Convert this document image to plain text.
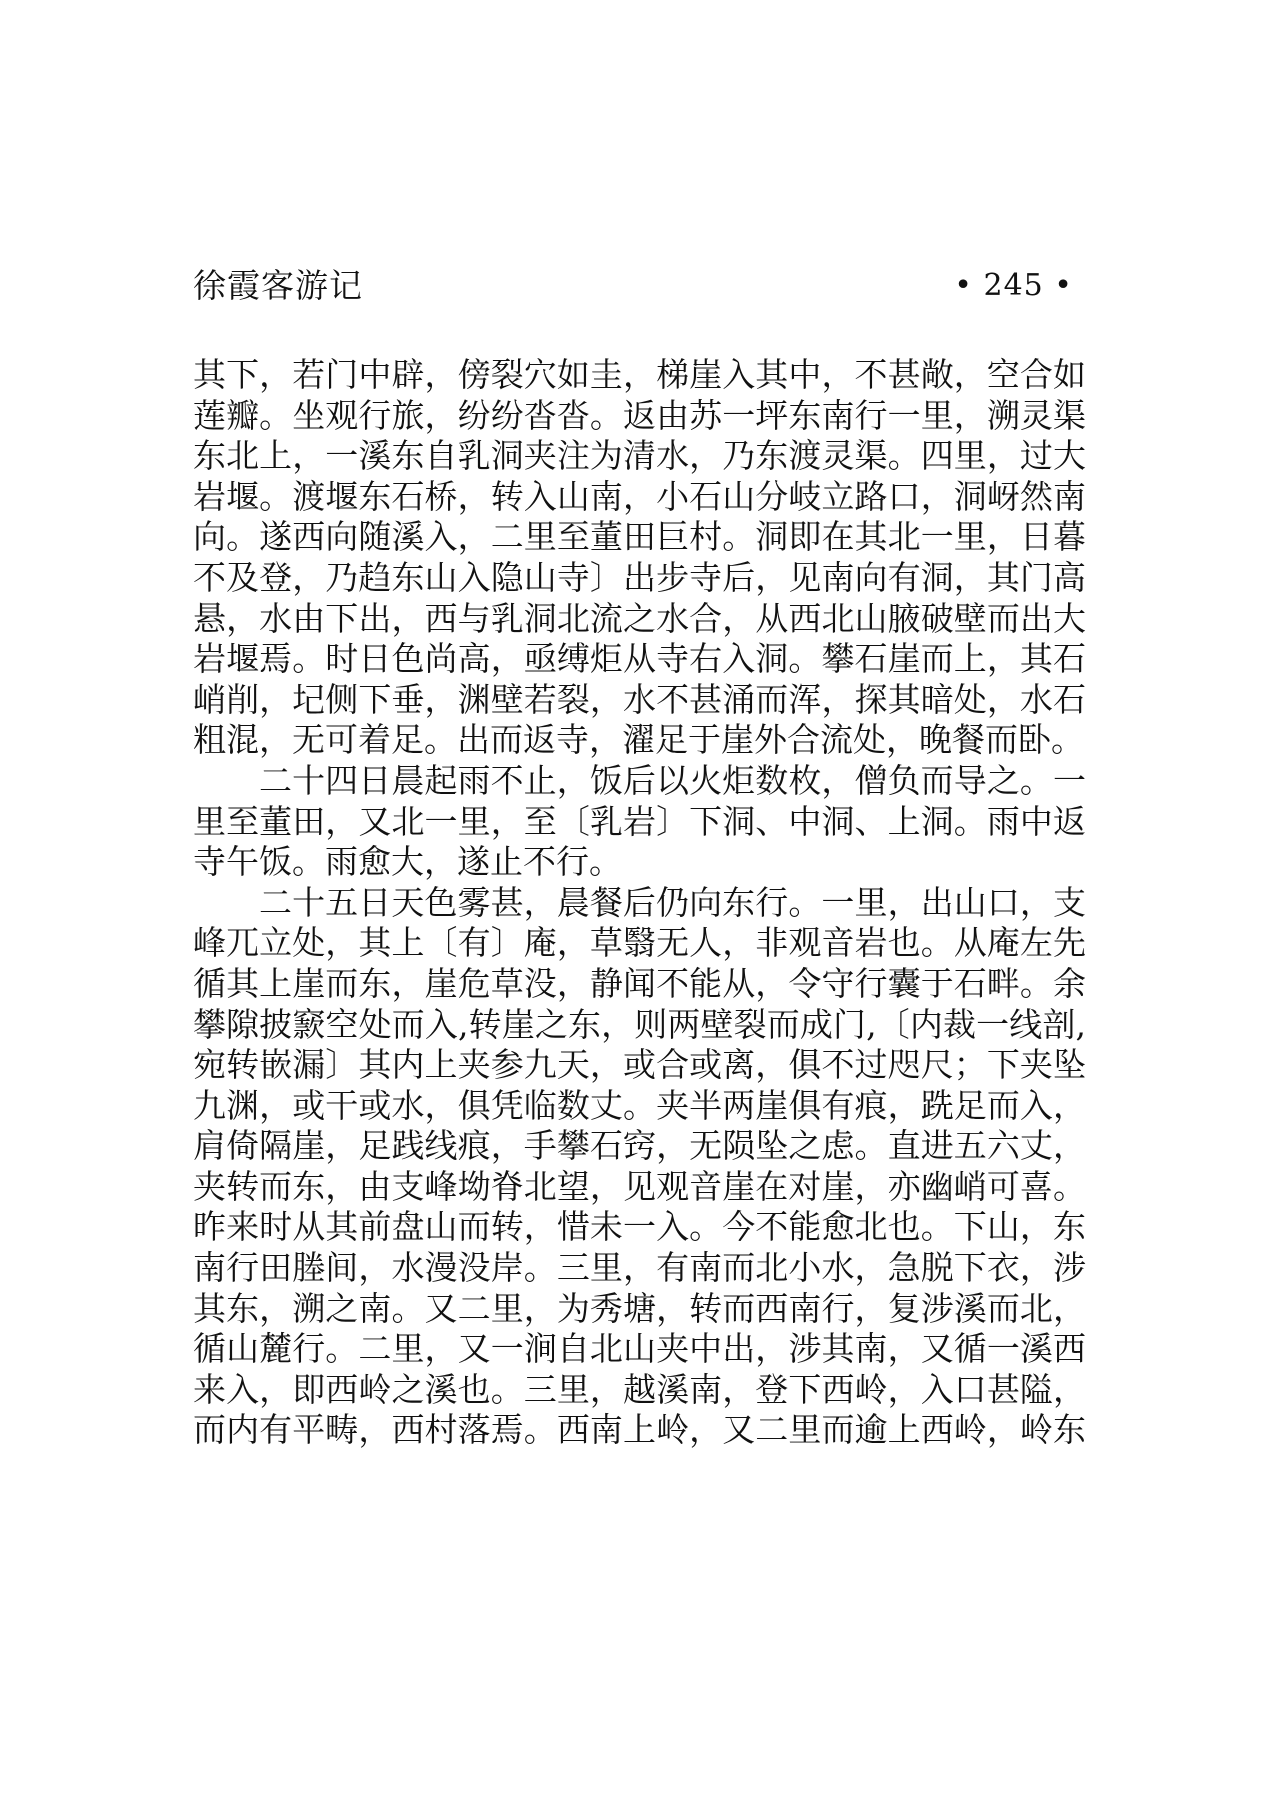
徐霞客游记	• 245 •
其下，若门中辟，傍裂穴如圭，梯崖入其中，不甚敞，空合如
莲瓣。坐观行旅，纷纷沓沓。返由苏一坪东南行一里，溯灵渠
东北上，一溪东自乳洞夹注为清水，乃东渡灵渠。四里，过大
岩堰。渡堰东石桥，转入山南，小石山分岐立路口，洞岈然南
向。遂西向随溪入，二里至董田巨村。洞即在其北一里，日暮
不及登，乃趋东山入隐山寺〕出步寺后，见南向有洞，其门高
悬，水由下出，西与乳洞北流之水合，从西北山腋破壁而出大
岩堰焉。时日色尚高，亟缚炬从寺右入洞。攀石崖而上，其石
峭削，圮侧下垂，渊壁若裂，水不甚涌而浑，探其暗处，水石
粗混，无可着足。出而返寺，濯足于崖外合流处，晚餐而卧。
二十四日晨起雨不止，饭后以火炬数枚，僧负而导之。一
里至董田，又北一里，至〔乳岩〕下洞、中洞、上洞。雨中返
寺午饭。雨愈大，遂止不行。
二十五日天色雾甚，晨餐后仍向东行。一里，出山口，支
峰兀立处，其上〔有〕庵，草翳无人，非观音岩也。从庵左先
循其上崖而东，崖危草没，静闻不能从，令守行囊于石畔。余
攀隙披窾空处而入,转崖之东，则两壁裂而成门,〔内裁一线剖,
宛转嵌漏〕其内上夹参九天，或合或离，俱不过咫尺；下夹坠
九渊，或干或水，俱凭临数丈。夹半两崖俱有痕，跣足而入，
肩倚隔崖，足践线痕，手攀石窍，无陨坠之虑。直进五六丈，
夹转而东，由支峰坳脊北望，见观音崖在对崖，亦幽峭可喜。
昨来时从其前盘山而转，惜未一入。今不能愈北也。下山，东
南行田塍间，水漫没岸。三里，有南而北小水，急脱下衣，涉
其东，溯之南。又二里，为秀塘，转而西南行，复涉溪而北，
循山麓行。二里，又一涧自北山夹中出，涉其南，又循一溪西
来入，即西岭之溪也。三里，越溪南，登下西岭，入口甚隘，
而内有平畴，西村落焉。西南上岭，又二里而逾上西岭，岭东
